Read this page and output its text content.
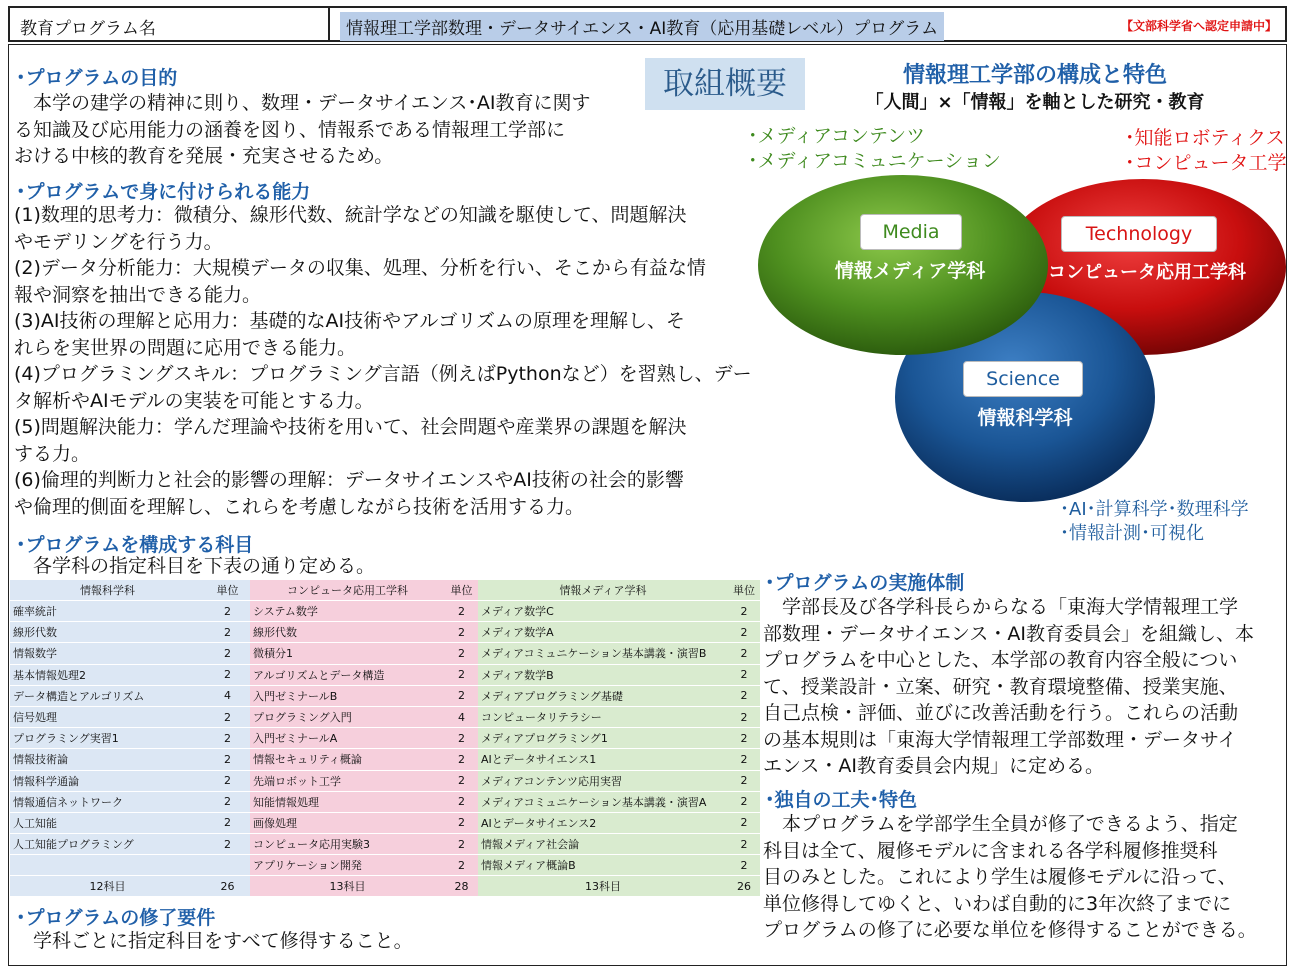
教育プログラム名	情報理工学部数理・データサイエンス・AI教育（応用基礎レベル）プログラム	【文部科学省へ認定申請中】
･プログラムの目的

　本学の建学の精神に則り、数理・データサイエンス･AI教育に関す

る知識及び応用能力の涵養を図り、情報系である情報理工学部に

おける中核的教育を発展・充実させるため。

取組概要
･プログラムで身に付けられる能力

(1)数理的思考力：微積分、線形代数、統計学などの知識を駆使して、問題解決

やモデリングを行う力。

(2)データ分析能力：大規模データの収集、処理、分析を行い、そこから有益な情

報や洞察を抽出できる能力。

(3)AI技術の理解と応用力：基礎的なAI技術やアルゴリズムの原理を理解し、そ

れらを実世界の問題に応用できる能力。

(4)プログラミングスキル：プログラミング言語（例えばPythonなど）を習熟し、デー

タ解析やAIモデルの実装を可能とする力。

(5)問題解決能力：学んだ理論や技術を用いて、社会問題や産業界の課題を解決

する力。

(6)倫理的判断力と社会的影響の理解：データサイエンスやAI技術の社会的影響

や倫理的側面を理解し、これらを考慮しながら技術を活用する力。

･プログラムを構成する科目
　各学科の指定科目を下表の通り定める。
情報科学科	単位	コンピュータ応用工学科	単位	情報メディア学科	単位
確率統計	2	システム数学	2	メディア数学C	2
線形代数	2	線形代数	2	メディア数学A	2
情報数学	2	微積分1	2	メディアコミュニケーション基本講義・演習B	2
基本情報処理2	2	アルゴリズムとデータ構造	2	メディア数学B	2
データ構造とアルゴリズム	4	入門ゼミナールB	2	メディアプログラミング基礎	2
信号処理	2	プログラミング入門	4	コンピュータリテラシー	2
プログラミング実習1	2	入門ゼミナールA	2	メディアプログラミング1	2
情報技術論	2	情報セキュリティ概論	2	AIとデータサイエンス1	2
情報科学通論	2	先端ロボット工学	2	メディアコンテンツ応用実習	2
情報通信ネットワーク	2	知能情報処理	2	メディアコミュニケーション基本講義・演習A	2
人工知能	2	画像処理	2	AIとデータサイエンス2	2
人工知能プログラミング	2	コンピュータ応用実験3	2	情報メディア社会論	2
		アプリケーション開発	2	情報メディア概論B	2
12科目	26	13科目	28	13科目	26
･プログラムの修了要件
　学科ごとに指定科目をすべて修得すること。
情報理工学部の構成と特色
「人間」×「情報」を軸とした研究・教育
･メディアコンテンツ
･メディアコミュニケーション
･知能ロボティクス
･コンピュータ工学
Media
情報メディア学科
Technology
コンピュータ応用工学科
Science
情報科学科
･AI･計算科学･数理科学
･情報計測･可視化
･プログラムの実施体制

　学部長及び各学科長らからなる「東海大学情報理工学

部数理・データサイエンス・AI教育委員会」を組織し、本

プログラムを中心とした、本学部の教育内容全般につい

て、授業設計・立案、研究・教育環境整備、授業実施、

自己点検・評価、並びに改善活動を行う。これらの活動

の基本規則は「東海大学情報理工学部数理・データサイ

エンス・AI教育委員会内規」に定める。

･独自の工夫･特色

　本プログラムを学部学生全員が修了できるよう、指定

科目は全て、履修モデルに含まれる各学科履修推奨科

目のみとした。これにより学生は履修モデルに沿って、

単位修得してゆくと、いわば自動的に3年次終了までに

プログラムの修了に必要な単位を修得することができる。
